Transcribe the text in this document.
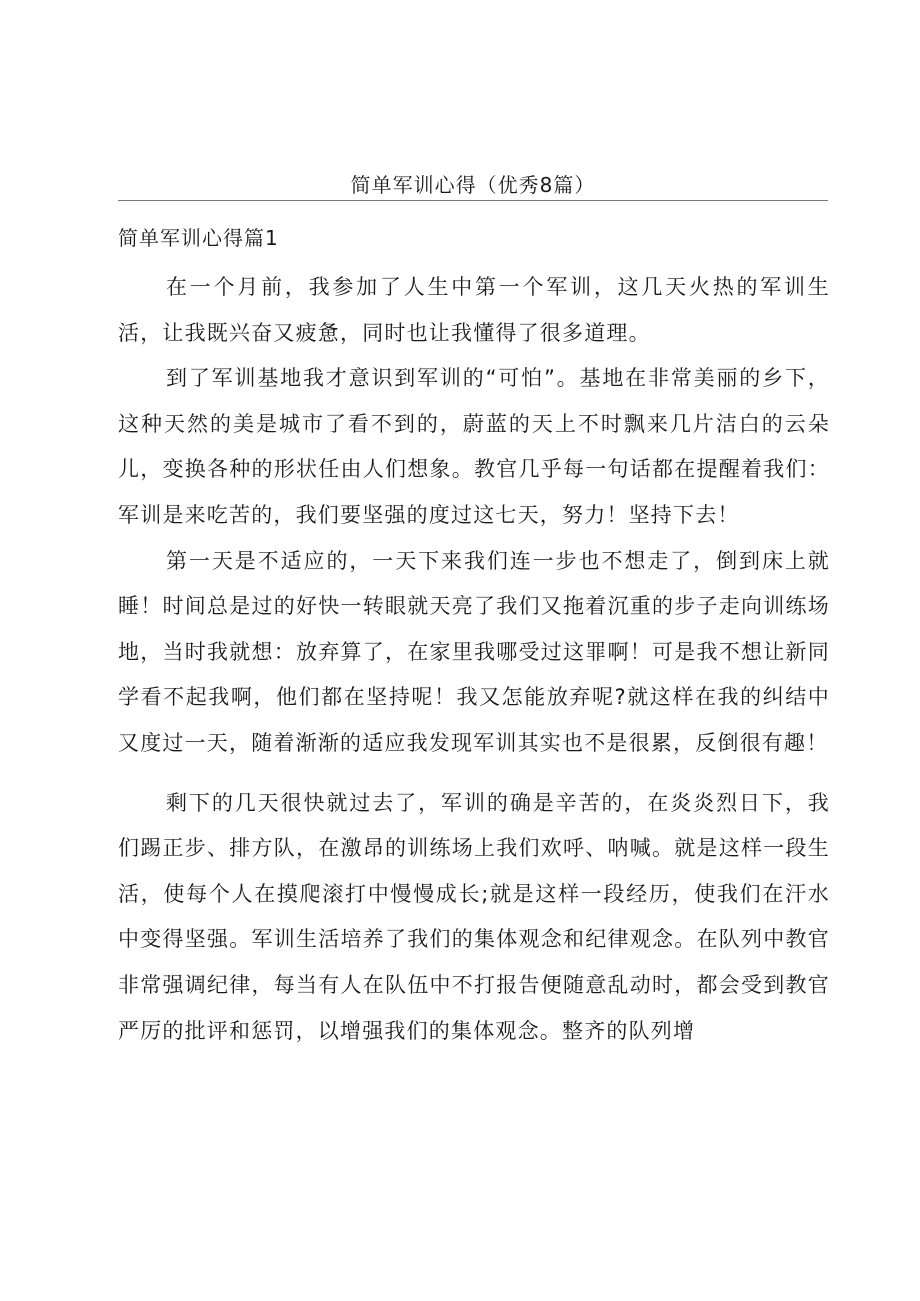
简单军训心得（优秀8篇）
简单军训心得篇1

在一个月前，我参加了人生中第一个军训，这几天火热的军训生活，让我既兴奋又疲惫，同时也让我懂得了很多道理。

到了军训基地我才意识到军训的“可怕”。基地在非常美丽的乡下，这种天然的美是城市了看不到的，蔚蓝的天上不时飘来几片洁白的云朵儿，变换各种的形状任由人们想象。教官几乎每一句话都在提醒着我们：军训是来吃苦的，我们要坚强的度过这七天，努力！坚持下去！

第一天是不适应的，一天下来我们连一步也不想走了，倒到床上就睡！时间总是过的好快一转眼就天亮了我们又拖着沉重的步子走向训练场地，当时我就想：放弃算了，在家里我哪受过这罪啊！可是我不想让新同学看不起我啊，他们都在坚持呢！我又怎能放弃呢?就这样在我的纠结中又度过一天，随着渐渐的适应我发现军训其实也不是很累，反倒很有趣！

剩下的几天很快就过去了，军训的确是辛苦的，在炎炎烈日下，我们踢正步、排方队，在激昂的训练场上我们欢呼、呐喊。就是这样一段生活，使每个人在摸爬滚打中慢慢成长;就是这样一段经历，使我们在汗水中变得坚强。军训生活培养了我们的集体观念和纪律观念。在队列中教官非常强调纪律，每当有人在队伍中不打报告便随意乱动时，都会受到教官严厉的批评和惩罚，以增强我们的集体观念。整齐的队列增
